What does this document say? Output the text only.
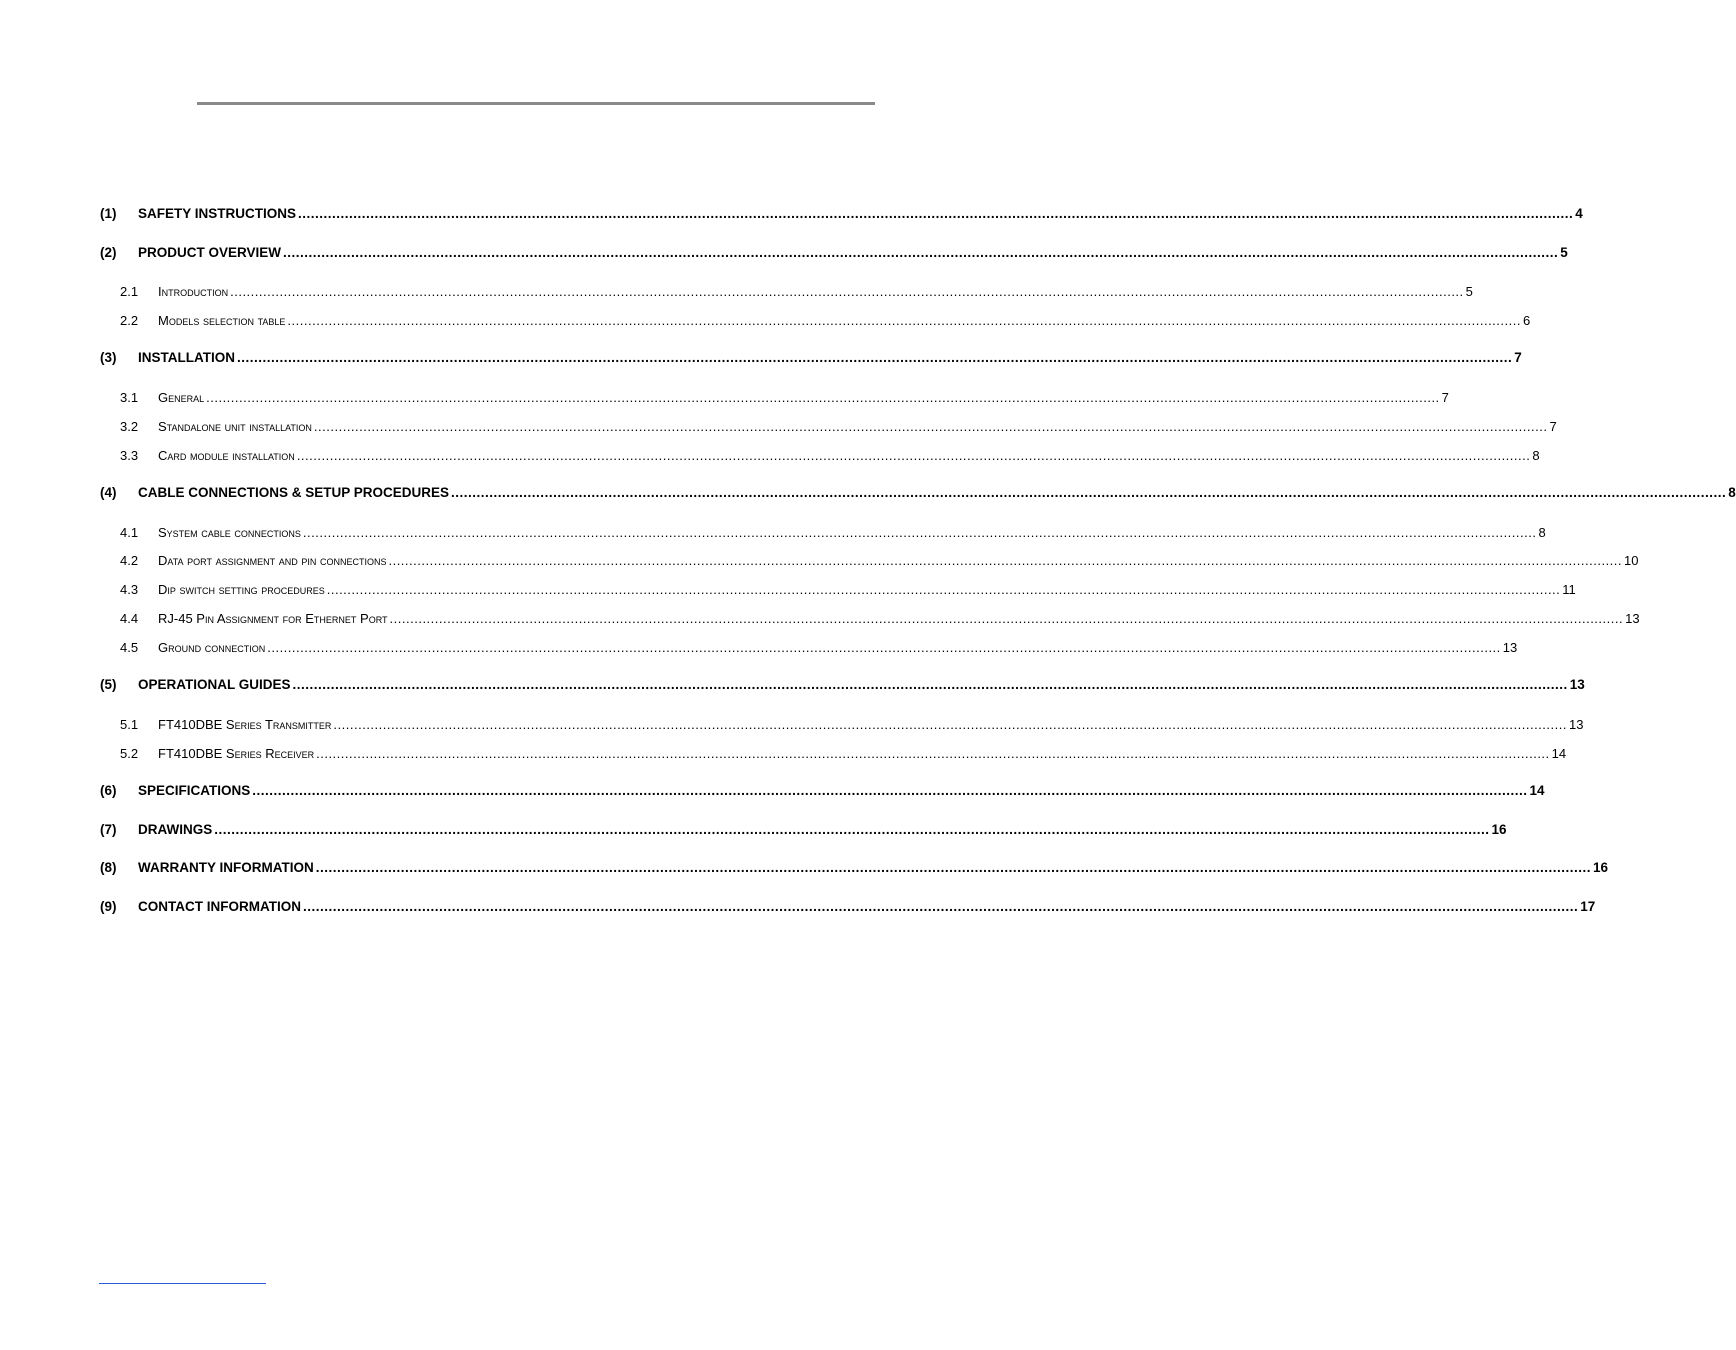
(1)	SAFETY INSTRUCTIONS ............................................................................................................................................................................................................................................................................................................ 4
(2)	PRODUCT OVERVIEW ............................................................................................................................................................................................................................................................................................................ 5
2.1	Introduction ............................................................................................................................................................................................................................................................................................................ 5
2.2	Models selection table ............................................................................................................................................................................................................................................................................................................ 6
(3)	INSTALLATION ............................................................................................................................................................................................................................................................................................................ 7
3.1	General ............................................................................................................................................................................................................................................................................................................ 7
3.2	Standalone unit installation ............................................................................................................................................................................................................................................................................................................ 7
3.3	Card module installation ............................................................................................................................................................................................................................................................................................................ 8
(4)	CABLE CONNECTIONS & SETUP PROCEDURES ............................................................................................................................................................................................................................................................................................................ 8
4.1	System cable connections ............................................................................................................................................................................................................................................................................................................ 8
4.2	Data port assignment and pin connections ............................................................................................................................................................................................................................................................................................................ 10
4.3	Dip switch setting procedures ............................................................................................................................................................................................................................................................................................................ 11
4.4	RJ-45 Pin Assignment for Ethernet Port ............................................................................................................................................................................................................................................................................................................ 13
4.5	Ground connection ............................................................................................................................................................................................................................................................................................................ 13
(5)	OPERATIONAL GUIDES ............................................................................................................................................................................................................................................................................................................ 13
5.1	FT410DBE Series Transmitter ............................................................................................................................................................................................................................................................................................................ 13
5.2	FT410DBE Series Receiver ............................................................................................................................................................................................................................................................................................................ 14
(6)	SPECIFICATIONS ............................................................................................................................................................................................................................................................................................................ 14
(7)	DRAWINGS ............................................................................................................................................................................................................................................................................................................ 16
(8)	WARRANTY INFORMATION ............................................................................................................................................................................................................................................................................................................ 16
(9)	CONTACT INFORMATION ............................................................................................................................................................................................................................................................................................................ 17
